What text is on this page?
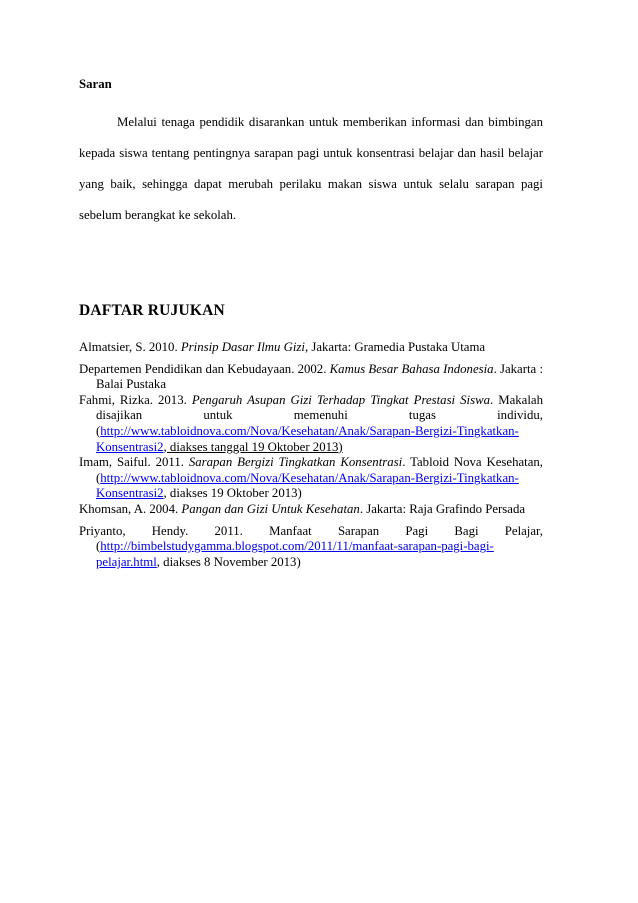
Saran
Melalui tenaga pendidik disarankan untuk memberikan informasi dan bimbingan kepada siswa tentang pentingnya sarapan pagi untuk konsentrasi belajar dan hasil belajar yang baik, sehingga dapat merubah perilaku makan siswa untuk selalu sarapan pagi sebelum berangkat ke sekolah.
DAFTAR RUJUKAN
Almatsier, S. 2010. Prinsip Dasar Ilmu Gizi, Jakarta: Gramedia Pustaka Utama
Departemen Pendidikan dan Kebudayaan. 2002. Kamus Besar Bahasa Indonesia. Jakarta : Balai Pustaka
Fahmi, Rizka. 2013. Pengaruh Asupan Gizi Terhadap Tingkat Prestasi Siswa. Makalah disajikan untuk memenuhi tugas individu, (http://www.tabloidnova.com/Nova/Kesehatan/Anak/Sarapan-Bergizi-Tingkatkan-Konsentrasi2, diakses tanggal 19 Oktober 2013)
Imam, Saiful. 2011. Sarapan Bergizi Tingkatkan Konsentrasi. Tabloid Nova Kesehatan, (http://www.tabloidnova.com/Nova/Kesehatan/Anak/Sarapan-Bergizi-Tingkatkan-Konsentrasi2, diakses 19 Oktober 2013)
Khomsan, A. 2004. Pangan dan Gizi Untuk Kesehatan. Jakarta: Raja Grafindo Persada
Priyanto, Hendy. 2011. Manfaat Sarapan Pagi Bagi Pelajar, (http://bimbelstudygamma.blogspot.com/2011/11/manfaat-sarapan-pagi-bagi-pelajar.html, diakses 8 November 2013)
